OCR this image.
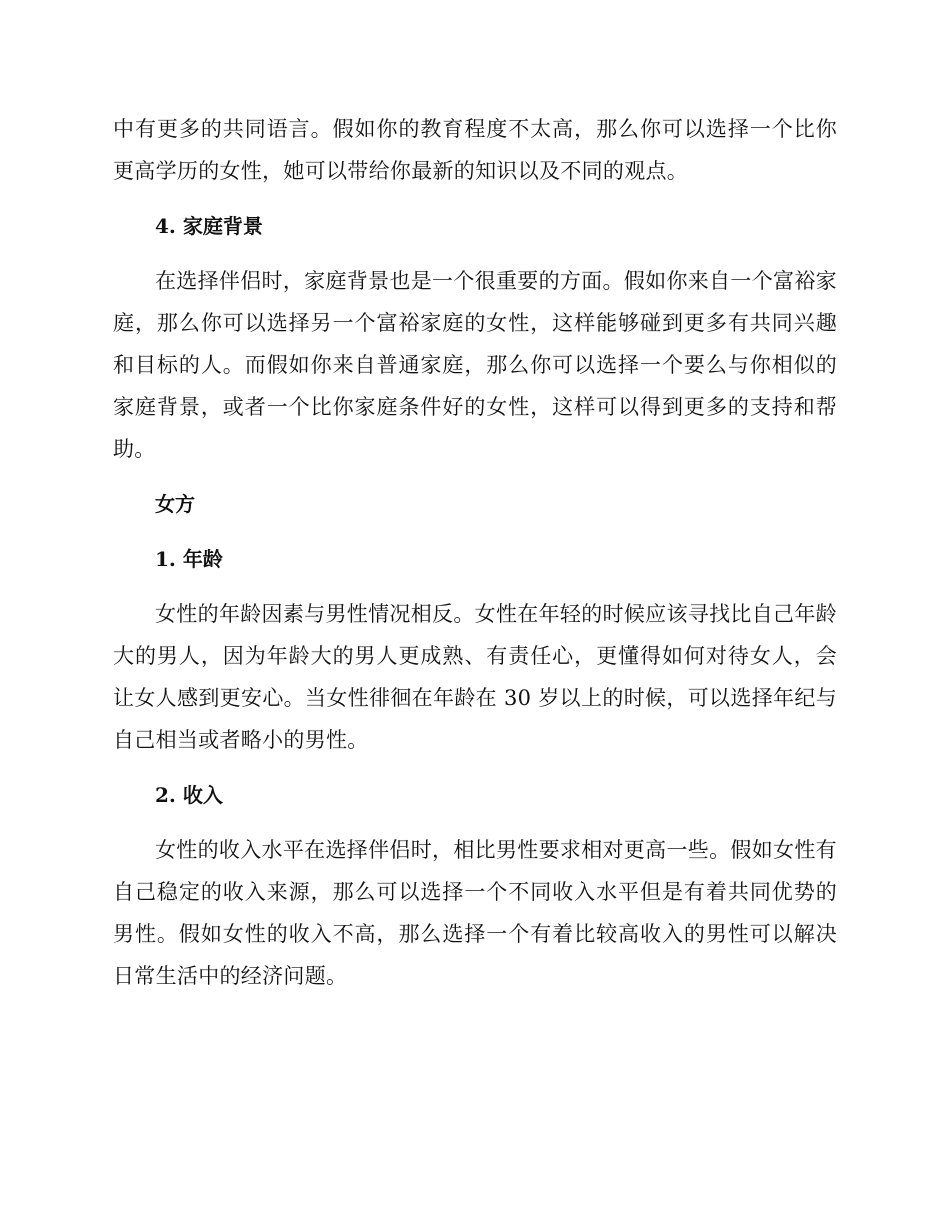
中有更多的共同语言。假如你的教育程度不太高，那么你可以选择一个比你更高学历的女性，她可以带给你最新的知识以及不同的观点。

4. 家庭背景

在选择伴侣时，家庭背景也是一个很重要的方面。假如你来自一个富裕家庭，那么你可以选择另一个富裕家庭的女性，这样能够碰到更多有共同兴趣和目标的人。而假如你来自普通家庭，那么你可以选择一个要么与你相似的家庭背景，或者一个比你家庭条件好的女性，这样可以得到更多的支持和帮助。

女方
1. 年龄

女性的年龄因素与男性情况相反。女性在年轻的时候应该寻找比自己年龄大的男人，因为年龄大的男人更成熟、有责任心，更懂得如何对待女人，会让女人感到更安心。当女性徘徊在年龄在 30 岁以上的时候，可以选择年纪与自己相当或者略小的男性。

2. 收入

女性的收入水平在选择伴侣时，相比男性要求相对更高一些。假如女性有自己稳定的收入来源，那么可以选择一个不同收入水平但是有着共同优势的男性。假如女性的收入不高，那么选择一个有着比较高收入的男性可以解决日常生活中的经济问题。
